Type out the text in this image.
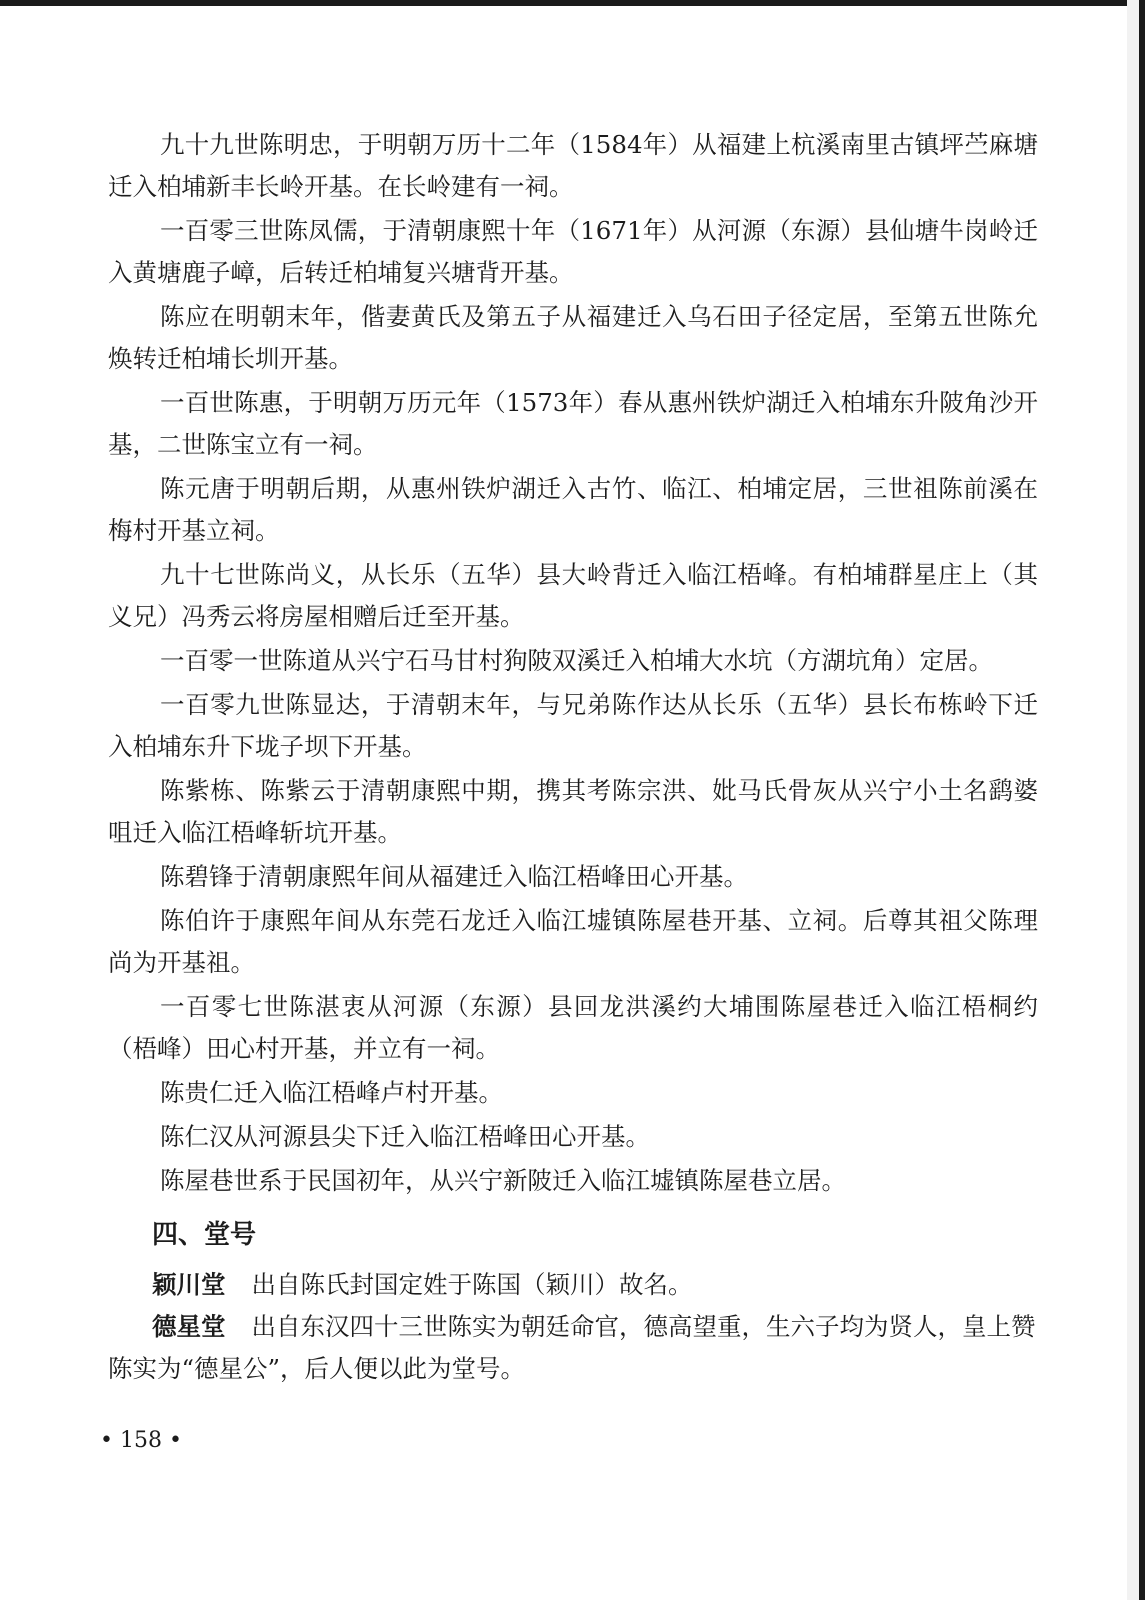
九十九世陈明忠，于明朝万历十二年（1584年）从福建上杭溪南里古镇坪苎麻塘迁入柏埔新丰长岭开基。在长岭建有一祠。

一百零三世陈凤儒，于清朝康熙十年（1671年）从河源（东源）县仙塘牛岗岭迁入黄塘鹿子嶂，后转迁柏埔复兴塘背开基。

陈应在明朝末年，偕妻黄氏及第五子从福建迁入乌石田子径定居，至第五世陈允焕转迁柏埔长圳开基。

一百世陈惠，于明朝万历元年（1573年）春从惠州铁炉湖迁入柏埔东升陂角沙开基，二世陈宝立有一祠。

陈元唐于明朝后期，从惠州铁炉湖迁入古竹、临江、柏埔定居，三世祖陈前溪在梅村开基立祠。

九十七世陈尚义，从长乐（五华）县大岭背迁入临江梧峰。有柏埔群星庄上（其义兄）冯秀云将房屋相赠后迁至开基。

一百零一世陈道从兴宁石马甘村狗陂双溪迁入柏埔大水坑（方湖坑角）定居。

一百零九世陈显达，于清朝末年，与兄弟陈作达从长乐（五华）县长布栋岭下迁入柏埔东升下垅子坝下开基。

陈紫栋、陈紫云于清朝康熙中期，携其考陈宗洪、妣马氏骨灰从兴宁小土名鹞婆咀迁入临江梧峰斩坑开基。

陈碧锋于清朝康熙年间从福建迁入临江梧峰田心开基。

陈伯许于康熙年间从东莞石龙迁入临江墟镇陈屋巷开基、立祠。后尊其祖父陈理尚为开基祖。

一百零七世陈湛衷从河源（东源）县回龙洪溪约大埔围陈屋巷迁入临江梧桐约（梧峰）田心村开基，并立有一祠。

陈贵仁迁入临江梧峰卢村开基。

陈仁汉从河源县尖下迁入临江梧峰田心开基。

陈屋巷世系于民国初年，从兴宁新陂迁入临江墟镇陈屋巷立居。

四、堂号

颖川堂 出自陈氏封国定姓于陈国（颖川）故名。

德星堂 出自东汉四十三世陈实为朝廷命官，德高望重，生六子均为贤人，皇上赞陈实为“德星公”，后人便以此为堂号。

• 158 •
